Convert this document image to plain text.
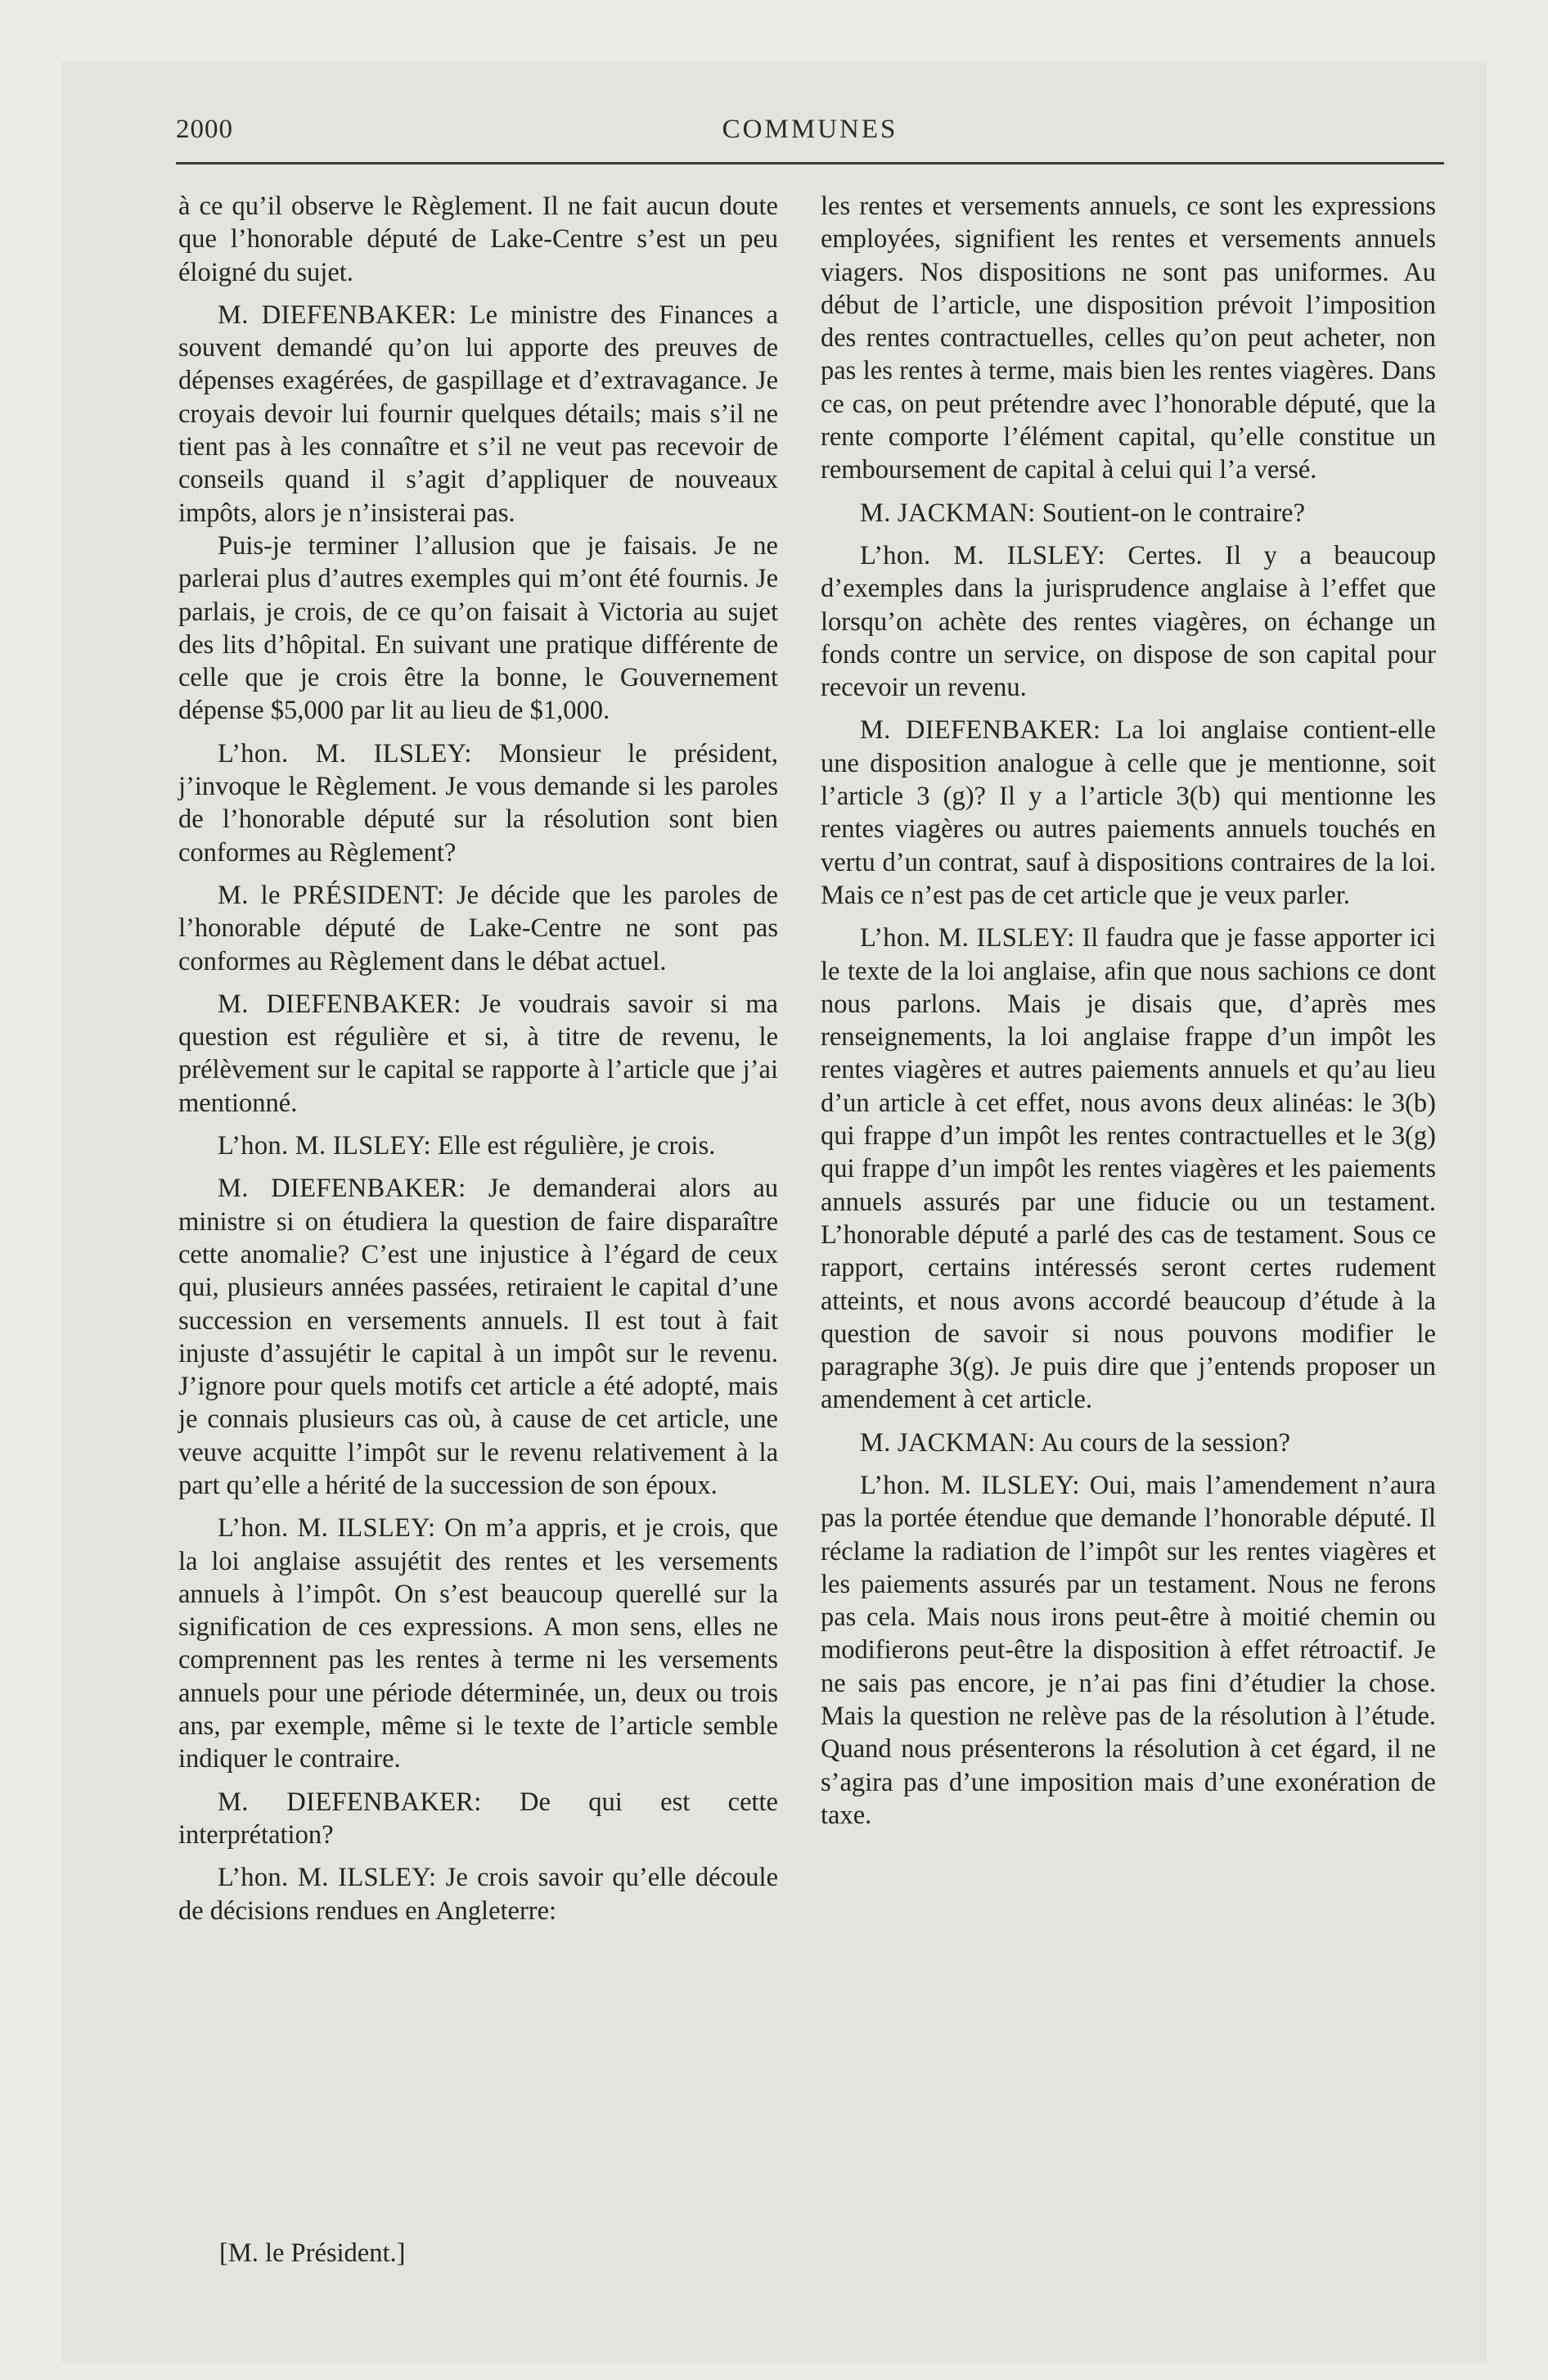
2000	COMMUNES

à ce qu’il observe le Règlement. Il ne fait aucun doute que l’honorable député de Lake-Centre s’est un peu éloigné du sujet.

M. DIEFENBAKER: Le ministre des Finances a souvent demandé qu’on lui apporte des preuves de dépenses exagérées, de gaspillage et d’extravagance. Je croyais devoir lui fournir quelques détails; mais s’il ne tient pas à les connaître et s’il ne veut pas recevoir de conseils quand il s’agit d’appliquer de nouveaux impôts, alors je n’insisterai pas.

Puis-je terminer l’allusion que je faisais. Je ne parlerai plus d’autres exemples qui m’ont été fournis. Je parlais, je crois, de ce qu’on faisait à Victoria au sujet des lits d’hôpital. En suivant une pratique différente de celle que je crois être la bonne, le Gouvernement dépense $5,000 par lit au lieu de $1,000.

L’hon. M. ILSLEY: Monsieur le président, j’invoque le Règlement. Je vous demande si les paroles de l’honorable député sur la résolution sont bien conformes au Règlement?

M. le PRÉSIDENT: Je décide que les paroles de l’honorable député de Lake-Centre ne sont pas conformes au Règlement dans le débat actuel.

M. DIEFENBAKER: Je voudrais savoir si ma question est régulière et si, à titre de revenu, le prélèvement sur le capital se rapporte à l’article que j’ai mentionné.

L’hon. M. ILSLEY: Elle est régulière, je crois.

M. DIEFENBAKER: Je demanderai alors au ministre si on étudiera la question de faire disparaître cette anomalie? C’est une injustice à l’égard de ceux qui, plusieurs années passées, retiraient le capital d’une succession en versements annuels. Il est tout à fait injuste d’assujétir le capital à un impôt sur le revenu. J’ignore pour quels motifs cet article a été adopté, mais je connais plusieurs cas où, à cause de cet article, une veuve acquitte l’impôt sur le revenu relativement à la part qu’elle a hérité de la succession de son époux.

L’hon. M. ILSLEY: On m’a appris, et je crois, que la loi anglaise assujétit des rentes et les versements annuels à l’impôt. On s’est beaucoup querellé sur la signification de ces expressions. A mon sens, elles ne comprennent pas les rentes à terme ni les versements annuels pour une période déterminée, un, deux ou trois ans, par exemple, même si le texte de l’article semble indiquer le contraire.

M. DIEFENBAKER: De qui est cette interprétation?

L’hon. M. ILSLEY: Je crois savoir qu’elle découle de décisions rendues en Angleterre:

les rentes et versements annuels, ce sont les expressions employées, signifient les rentes et versements annuels viagers. Nos dispositions ne sont pas uniformes. Au début de l’article, une disposition prévoit l’imposition des rentes contractuelles, celles qu’on peut acheter, non pas les rentes à terme, mais bien les rentes viagères. Dans ce cas, on peut prétendre avec l’honorable député, que la rente comporte l’élément capital, qu’elle constitue un remboursement de capital à celui qui l’a versé.

M. JACKMAN: Soutient-on le contraire?

L’hon. M. ILSLEY: Certes. Il y a beaucoup d’exemples dans la jurisprudence anglaise à l’effet que lorsqu’on achète des rentes viagères, on échange un fonds contre un service, on dispose de son capital pour recevoir un revenu.

M. DIEFENBAKER: La loi anglaise contient-elle une disposition analogue à celle que je mentionne, soit l’article 3 (g)? Il y a l’article 3(b) qui mentionne les rentes viagères ou autres paiements annuels touchés en vertu d’un contrat, sauf à dispositions contraires de la loi. Mais ce n’est pas de cet article que je veux parler.

L’hon. M. ILSLEY: Il faudra que je fasse apporter ici le texte de la loi anglaise, afin que nous sachions ce dont nous parlons. Mais je disais que, d’après mes renseignements, la loi anglaise frappe d’un impôt les rentes viagères et autres paiements annuels et qu’au lieu d’un article à cet effet, nous avons deux alinéas: le 3(b) qui frappe d’un impôt les rentes contractuelles et le 3(g) qui frappe d’un impôt les rentes viagères et les paiements annuels assurés par une fiducie ou un testament. L’honorable député a parlé des cas de testament. Sous ce rapport, certains intéressés seront certes rudement atteints, et nous avons accordé beaucoup d’étude à la question de savoir si nous pouvons modifier le paragraphe 3(g). Je puis dire que j’entends proposer un amendement à cet article.

M. JACKMAN: Au cours de la session?

L’hon. M. ILSLEY: Oui, mais l’amendement n’aura pas la portée étendue que demande l’honorable député. Il réclame la radiation de l’impôt sur les rentes viagères et les paiements assurés par un testament. Nous ne ferons pas cela. Mais nous irons peut-être à moitié chemin ou modifierons peut-être la disposition à effet rétroactif. Je ne sais pas encore, je n’ai pas fini d’étudier la chose. Mais la question ne relève pas de la résolution à l’étude. Quand nous présenterons la résolution à cet égard, il ne s’agira pas d’une imposition mais d’une exonération de taxe.

[M. le Président.]
